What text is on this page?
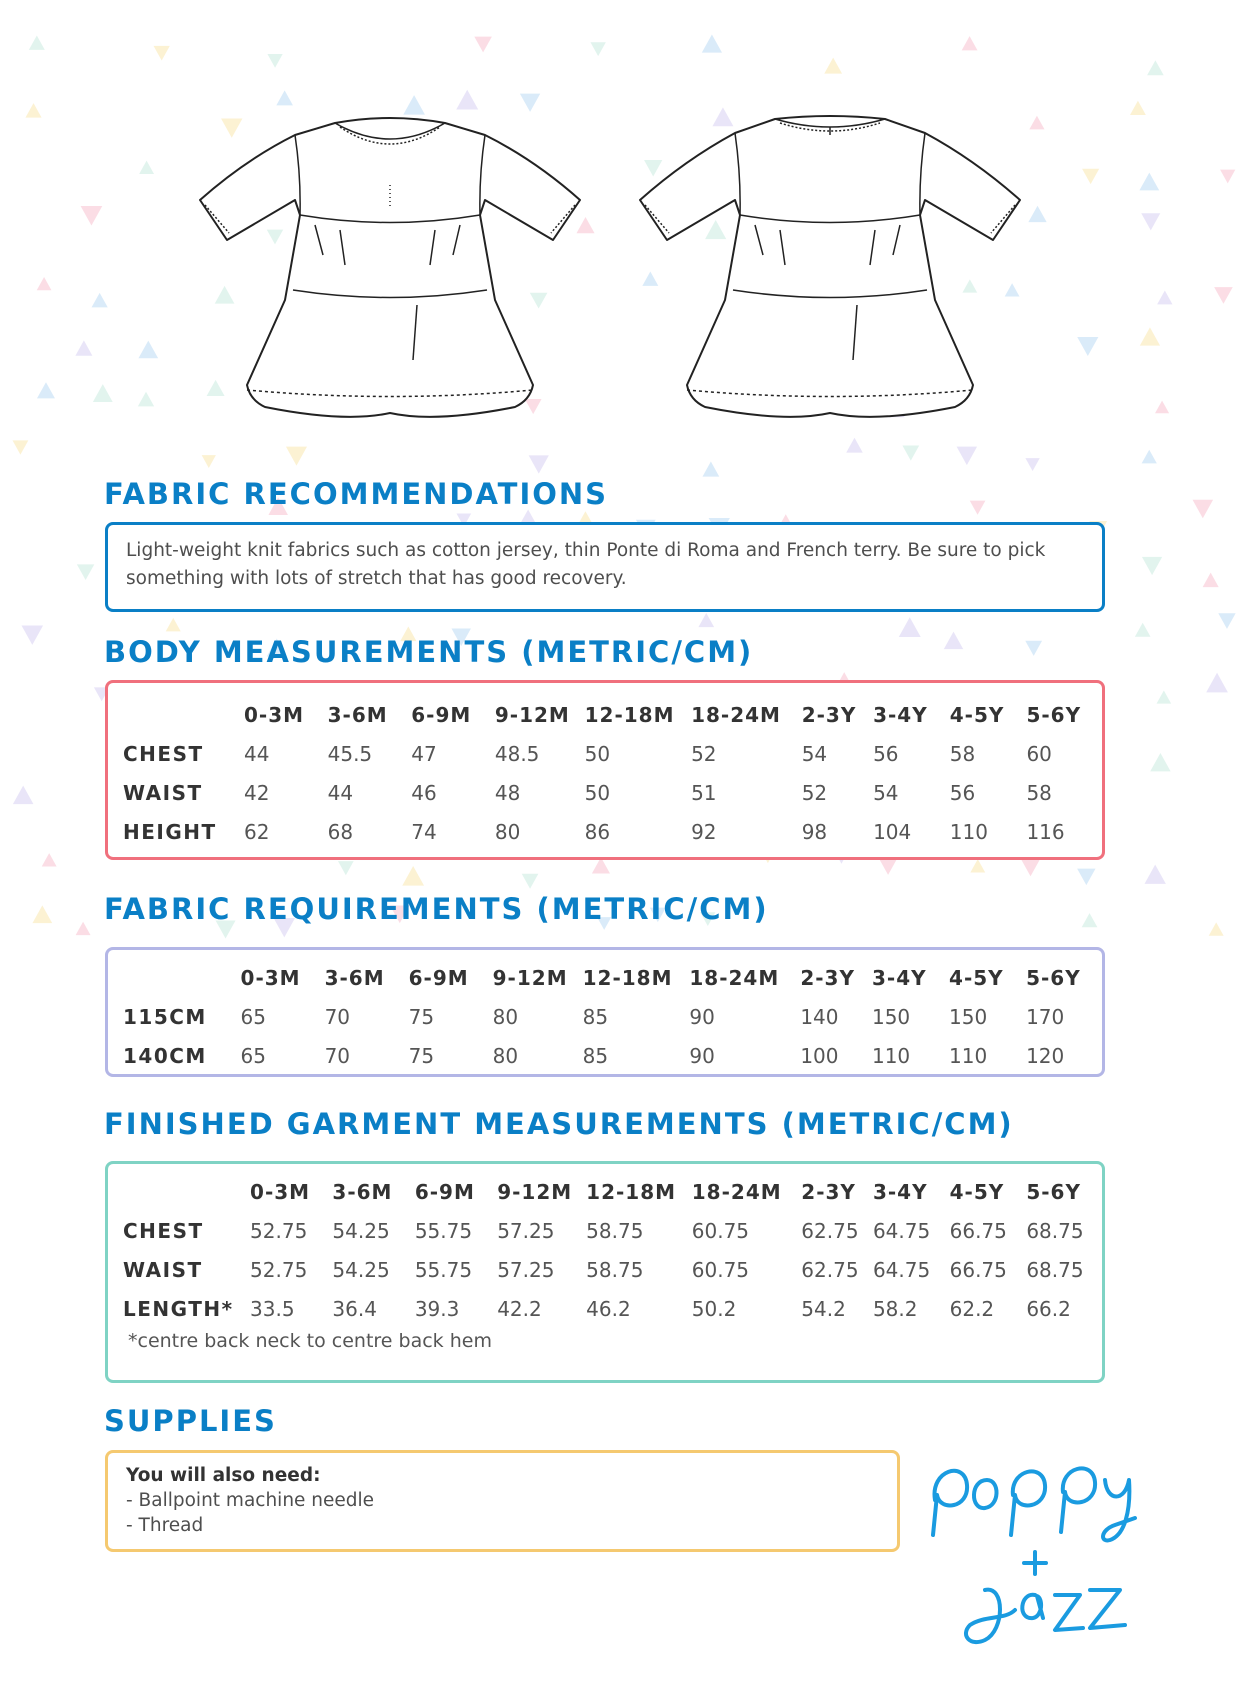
FABRIC RECOMMENDATIONS

Light-weight knit fabrics such as cotton jersey, thin Ponte di Roma and French terry. Be sure to pick something with lots of stretch that has good recovery.

BODY MEASUREMENTS (METRIC/CM)
	0-3M	3-6M	6-9M	9-12M	12-18M	18-24M	2-3Y	3-4Y	4-5Y	5-6Y
CHEST	44	45.5	47	48.5	50	52	54	56	58	60
WAIST	42	44	46	48	50	51	52	54	56	58
HEIGHT	62	68	74	80	86	92	98	104	110	116
FABRIC REQUIREMENTS (METRIC/CM)
	0-3M	3-6M	6-9M	9-12M	12-18M	18-24M	2-3Y	3-4Y	4-5Y	5-6Y
115CM	65	70	75	80	85	90	140	150	150	170
140CM	65	70	75	80	85	90	100	110	110	120
FINISHED GARMENT MEASUREMENTS (METRIC/CM)
	0-3M	3-6M	6-9M	9-12M	12-18M	18-24M	2-3Y	3-4Y	4-5Y	5-6Y
CHEST	52.75	54.25	55.75	57.25	58.75	60.75	62.75	64.75	66.75	68.75
WAIST	52.75	54.25	55.75	57.25	58.75	60.75	62.75	64.75	66.75	68.75
LENGTH*	33.5	36.4	39.3	42.2	46.2	50.2	54.2	58.2	62.2	66.2
*centre back neck to centre back hem
SUPPLIES

You will also need:

- Ballpoint machine needle

- Thread
